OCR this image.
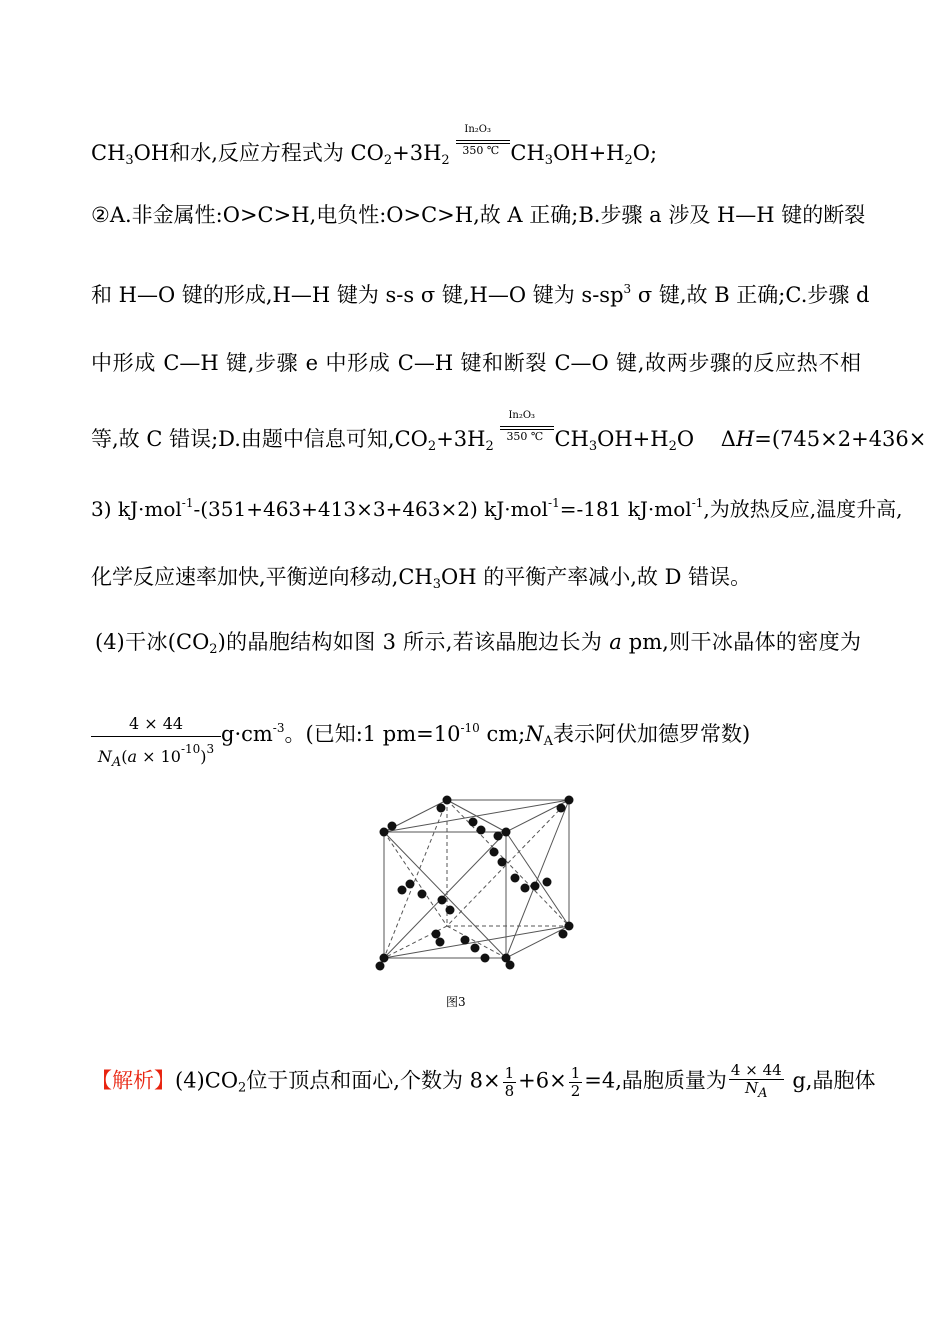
$CH_3OH$和水,反应方程式为 $CO_2+3H_2 \frac{\text{In₂O₃}}{350 ℃} CH_3OH+H_2O$;
②A.非金属性:O>C>H,电负性:O>C>H,故 A 正确;B.步骤 a 涉及 H—H 键的断裂
和 H—O 键的形成,H—H 键为 s-s σ 键,H—O 键为 $s-sp^3$ σ 键,故 B 正确;C.步骤 d
中形成 C—H 键,步骤 e 中形成 C—H 键和断裂 C—O 键,故两步骤的反应热不相
等,故 C 错误;D.由题中信息可知$,CO_2+3H_2 \frac{\text{In₂O₃}}{350 ℃} CH_3OH+H_2O$    ΔH=(745×2+436×
3) kJ·mol$^{-1}$-(351+463+413×3+463×2) kJ·mol$^{-1}$=-181 kJ·mol$^{-1}$,为放热反应,温度升高,
化学反应速率加快,平衡逆向移动$,CH_3OH$ 的平衡产率减小,故 D 错误。
(4)干冰$(CO_2)$的晶胞结构如图 3 所示,若该晶胞边长为 a pm,则干冰晶体的密度为
4 × 44
$N_A(a \times 10^{-10})^3$
$g\cdot cm^{-3}$。(已知:1 $pm=10^{-10}$ $cm;N_A$表示阿伏加德罗常数)
图3
【解析】$(4)CO_2$位于顶点和面心,个数为 $8\times \frac{1}{8} +6\times \frac{1}{2} =4$,晶胞质量为 $\frac{4 \times 44}{NA} g$,晶胞体
